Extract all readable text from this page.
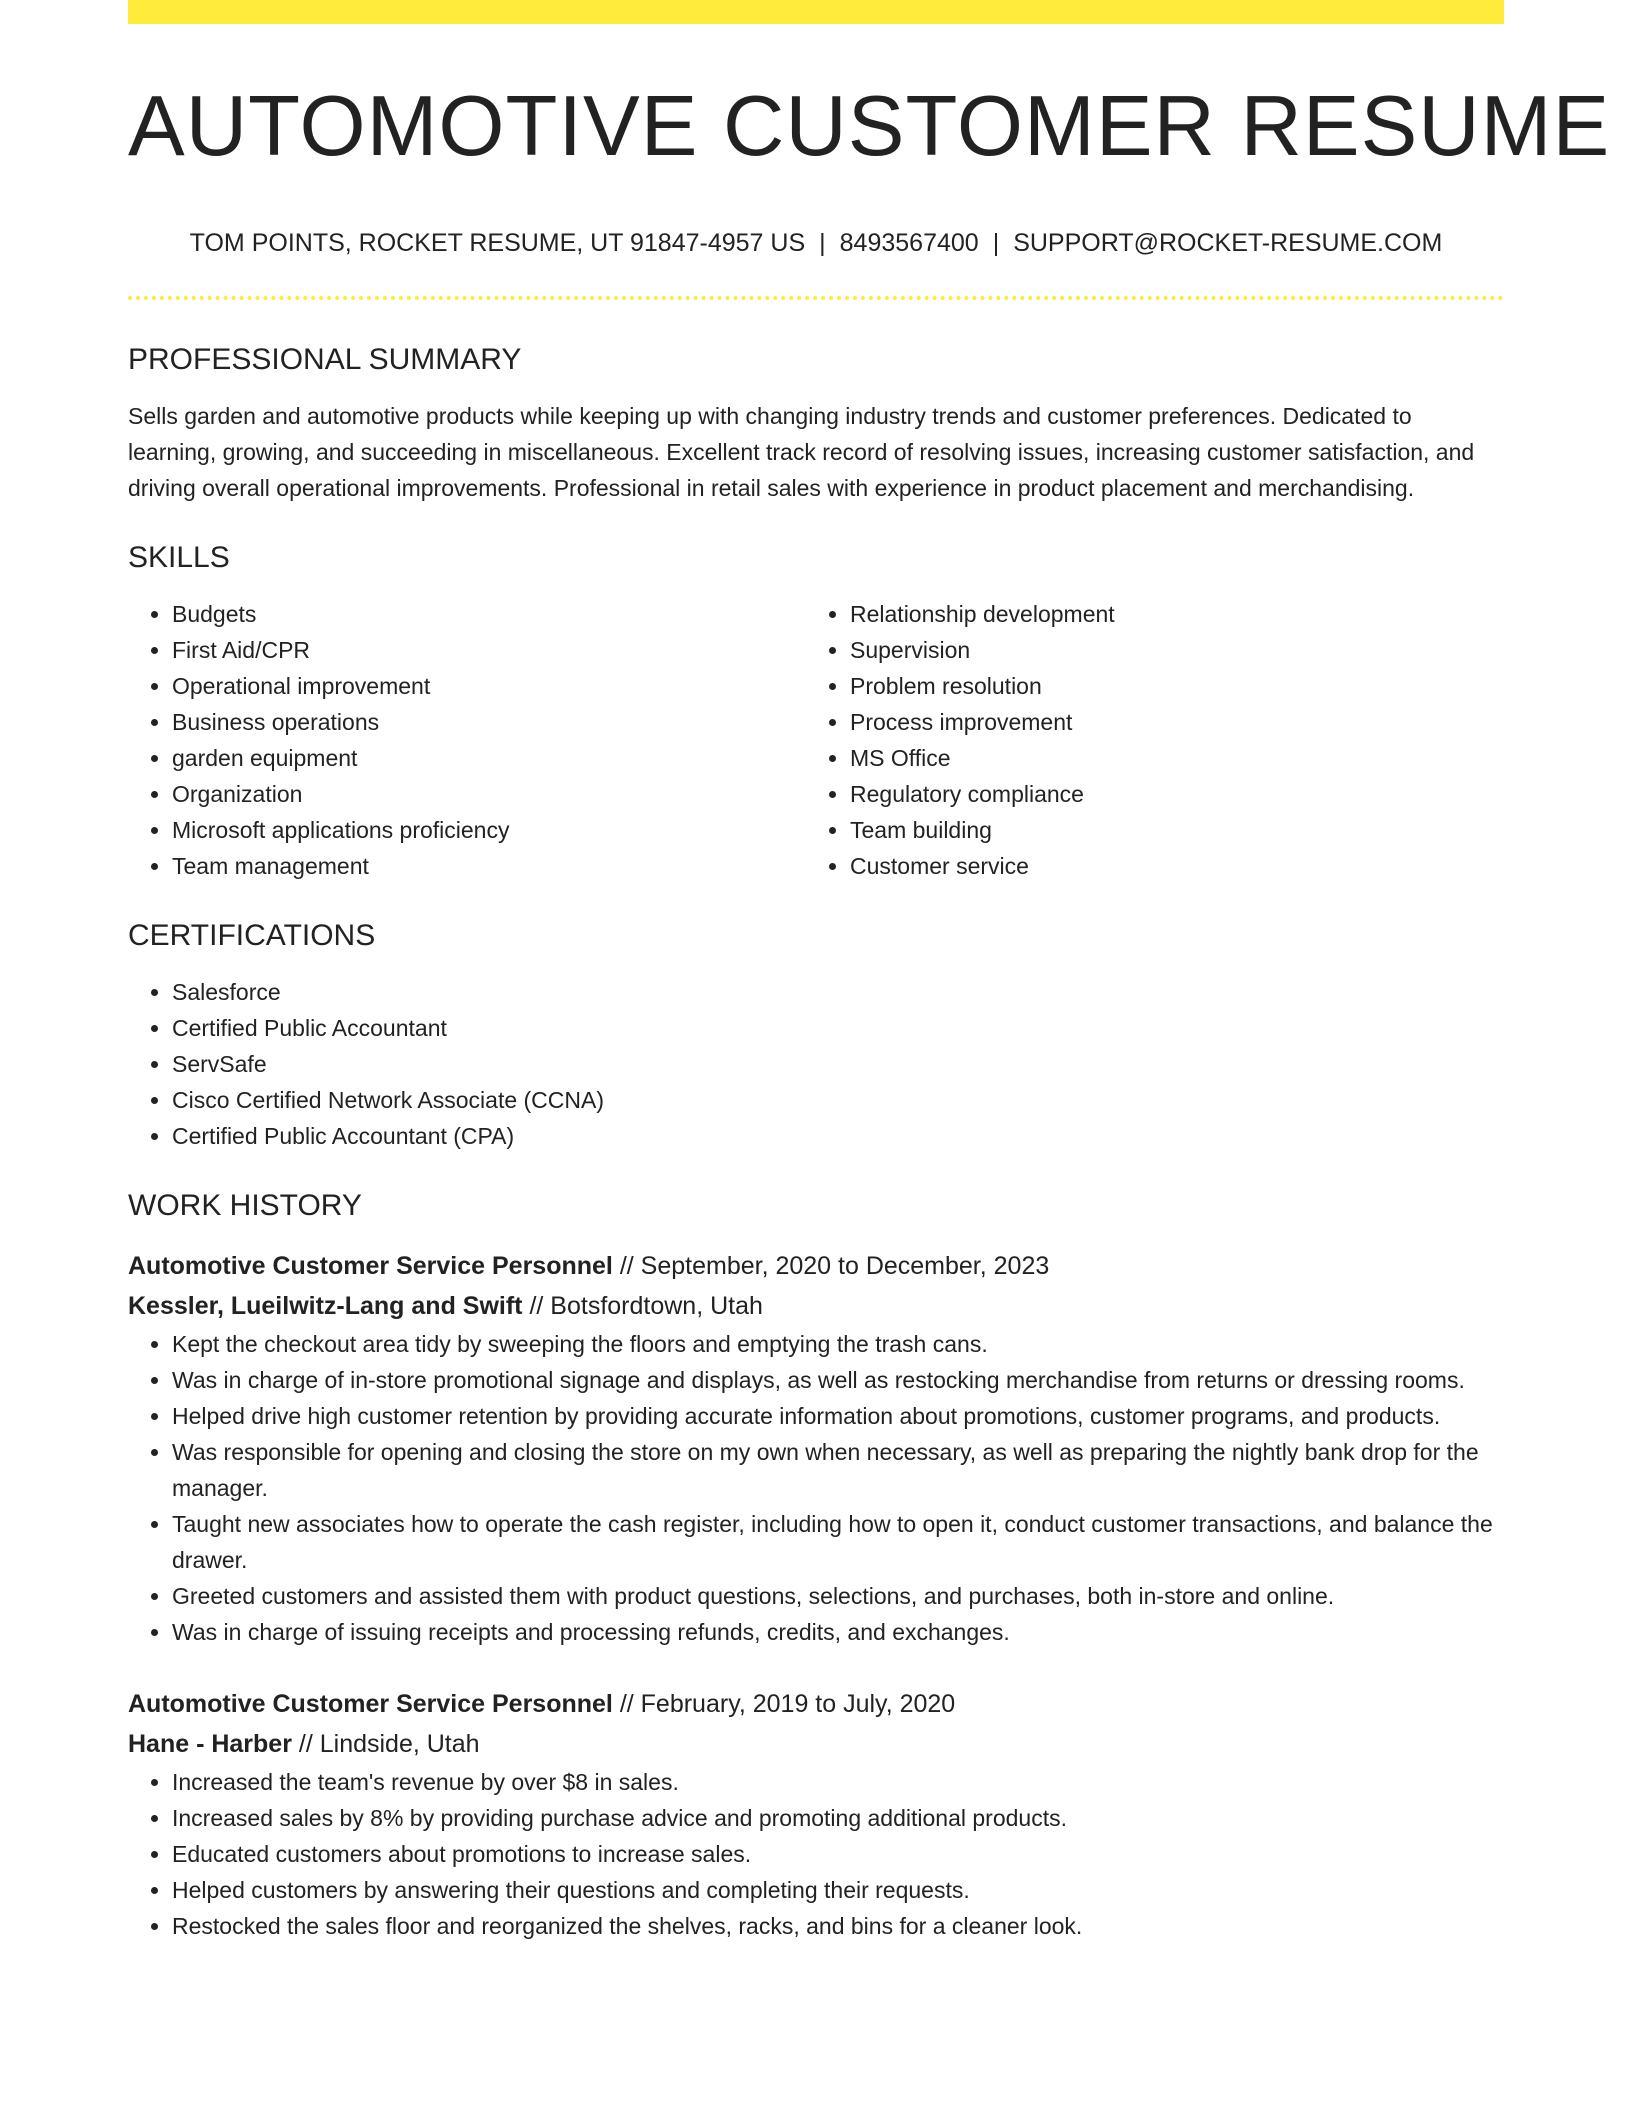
AUTOMOTIVE CUSTOMER RESUME
TOM POINTS, ROCKET RESUME, UT 91847-4957 US | 8493567400 | SUPPORT@ROCKET-RESUME.COM
PROFESSIONAL SUMMARY

Sells garden and automotive products while keeping up with changing industry trends and customer preferences. Dedicated to learning, growing, and succeeding in miscellaneous. Excellent track record of resolving issues, increasing customer satisfaction, and driving overall operational improvements. Professional in retail sales with experience in product placement and merchandising.

SKILLS
• Budgets
• First Aid/CPR
• Operational improvement
• Business operations
• garden equipment
• Organization
• Microsoft applications proficiency
• Team management
• Relationship development
• Supervision
• Problem resolution
• Process improvement
• MS Office
• Regulatory compliance
• Team building
• Customer service
CERTIFICATIONS
• Salesforce
• Certified Public Accountant
• ServSafe
• Cisco Certified Network Associate (CCNA)
• Certified Public Accountant (CPA)
WORK HISTORY
Automotive Customer Service Personnel // September, 2020 to December, 2023
Kessler, Lueilwitz-Lang and Swift // Botsfordtown, Utah
• Kept the checkout area tidy by sweeping the floors and emptying the trash cans.
• Was in charge of in-store promotional signage and displays, as well as restocking merchandise from returns or dressing rooms.
• Helped drive high customer retention by providing accurate information about promotions, customer programs, and products.
• Was responsible for opening and closing the store on my own when necessary, as well as preparing the nightly bank drop for the manager.
• Taught new associates how to operate the cash register, including how to open it, conduct customer transactions, and balance the drawer.
• Greeted customers and assisted them with product questions, selections, and purchases, both in-store and online.
• Was in charge of issuing receipts and processing refunds, credits, and exchanges.
Automotive Customer Service Personnel // February, 2019 to July, 2020
Hane - Harber // Lindside, Utah
• Increased the team's revenue by over $8 in sales.
• Increased sales by 8% by providing purchase advice and promoting additional products.
• Educated customers about promotions to increase sales.
• Helped customers by answering their questions and completing their requests.
• Restocked the sales floor and reorganized the shelves, racks, and bins for a cleaner look.
